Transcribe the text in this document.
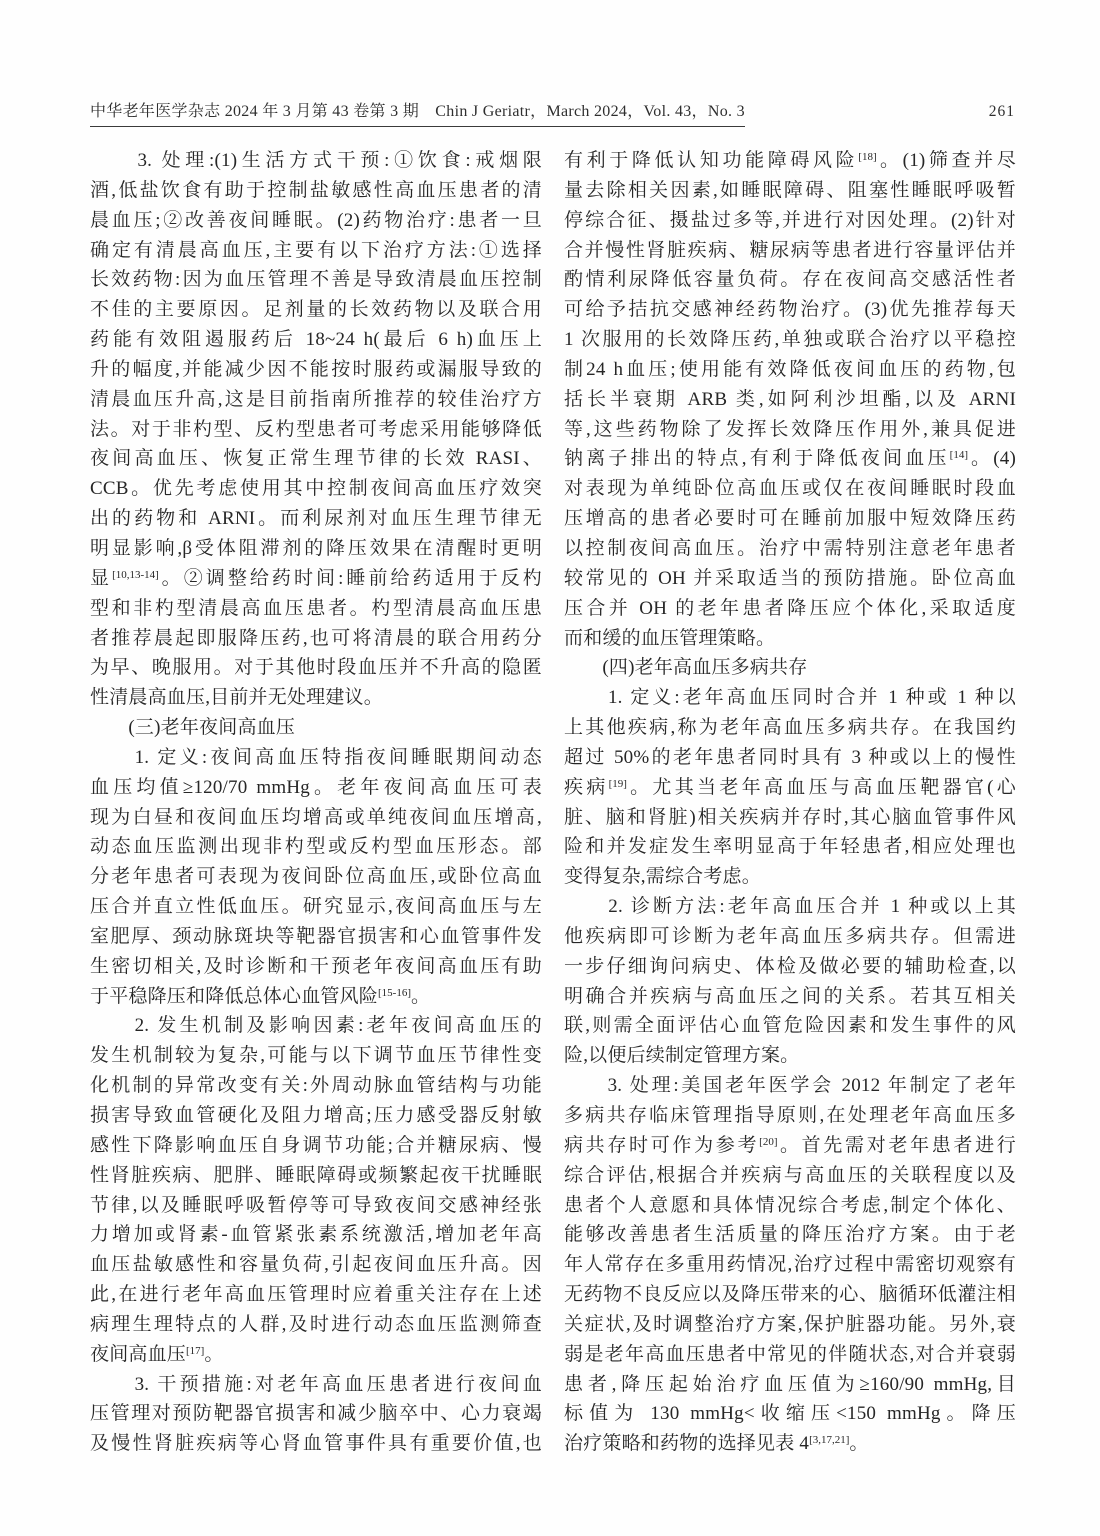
中华老年医学杂志 2024 年 3 月第 43 卷第 3 期　Chin J Geriatr，March 2024，Vol. 43，No. 3	261
　　3. 处理:(1)生活方式干预:①饮食:戒烟限
酒,低盐饮食有助于控制盐敏感性高血压患者的清
晨血压;②改善夜间睡眠。(2)药物治疗:患者一旦
确定有清晨高血压,主要有以下治疗方法:①选择
长效药物:因为血压管理不善是导致清晨血压控制
不佳的主要原因。足剂量的长效药物以及联合用
药能有效阻遏服药后 18~24 h(最后 6 h)血压上
升的幅度,并能减少因不能按时服药或漏服导致的
清晨血压升高,这是目前指南所推荐的较佳治疗方
法。对于非杓型、反杓型患者可考虑采用能够降低
夜间高血压、恢复正常生理节律的长效 RASI、
CCB。优先考虑使用其中控制夜间高血压疗效突
出的药物和 ARNI。而利尿剂对血压生理节律无
明显影响,β受体阻滞剂的降压效果在清醒时更明
显[10,13-14]。②调整给药时间:睡前给药适用于反杓
型和非杓型清晨高血压患者。杓型清晨高血压患
者推荐晨起即服降压药,也可将清晨的联合用药分
为早、晚服用。对于其他时段血压并不升高的隐匿
性清晨高血压,目前并无处理建议。
　　(三)老年夜间高血压
　　1. 定义:夜间高血压特指夜间睡眠期间动态
血压均值≥120/70 mmHg。老年夜间高血压可表
现为白昼和夜间血压均增高或单纯夜间血压增高,
动态血压监测出现非杓型或反杓型血压形态。部
分老年患者可表现为夜间卧位高血压,或卧位高血
压合并直立性低血压。研究显示,夜间高血压与左
室肥厚、颈动脉斑块等靶器官损害和心血管事件发
生密切相关,及时诊断和干预老年夜间高血压有助
于平稳降压和降低总体心血管风险[15-16]。
　　2. 发生机制及影响因素:老年夜间高血压的
发生机制较为复杂,可能与以下调节血压节律性变
化机制的异常改变有关:外周动脉血管结构与功能
损害导致血管硬化及阻力增高;压力感受器反射敏
感性下降影响血压自身调节功能;合并糖尿病、慢
性肾脏疾病、肥胖、睡眠障碍或频繁起夜干扰睡眠
节律,以及睡眠呼吸暂停等可导致夜间交感神经张
力增加或肾素-血管紧张素系统激活,增加老年高
血压盐敏感性和容量负荷,引起夜间血压升高。因
此,在进行老年高血压管理时应着重关注存在上述
病理生理特点的人群,及时进行动态血压监测筛查
夜间高血压[17]。
　　3. 干预措施:对老年高血压患者进行夜间血
压管理对预防靶器官损害和减少脑卒中、心力衰竭
及慢性肾脏疾病等心肾血管事件具有重要价值,也
有利于降低认知功能障碍风险[18]。(1)筛查并尽
量去除相关因素,如睡眠障碍、阻塞性睡眠呼吸暂
停综合征、摄盐过多等,并进行对因处理。(2)针对
合并慢性肾脏疾病、糖尿病等患者进行容量评估并
酌情利尿降低容量负荷。存在夜间高交感活性者
可给予拮抗交感神经药物治疗。(3)优先推荐每天
1 次服用的长效降压药,单独或联合治疗以平稳控
制24 h血压;使用能有效降低夜间血压的药物,包
括长半衰期 ARB 类,如阿利沙坦酯,以及 ARNI
等,这些药物除了发挥长效降压作用外,兼具促进
钠离子排出的特点,有利于降低夜间血压[14]。(4)
对表现为单纯卧位高血压或仅在夜间睡眠时段血
压增高的患者必要时可在睡前加服中短效降压药
以控制夜间高血压。治疗中需特别注意老年患者
较常见的 OH 并采取适当的预防措施。卧位高血
压合并 OH 的老年患者降压应个体化,采取适度
而和缓的血压管理策略。
　　(四)老年高血压多病共存
　　1. 定义:老年高血压同时合并 1 种或 1 种以
上其他疾病,称为老年高血压多病共存。在我国约
超过 50%的老年患者同时具有 3 种或以上的慢性
疾病[19]。尤其当老年高血压与高血压靶器官(心
脏、脑和肾脏)相关疾病并存时,其心脑血管事件风
险和并发症发生率明显高于年轻患者,相应处理也
变得复杂,需综合考虑。
　　2. 诊断方法:老年高血压合并 1 种或以上其
他疾病即可诊断为老年高血压多病共存。但需进
一步仔细询问病史、体检及做必要的辅助检查,以
明确合并疾病与高血压之间的关系。若其互相关
联,则需全面评估心血管危险因素和发生事件的风
险,以便后续制定管理方案。
　　3. 处理:美国老年医学会 2012 年制定了老年
多病共存临床管理指导原则,在处理老年高血压多
病共存时可作为参考[20]。首先需对老年患者进行
综合评估,根据合并疾病与高血压的关联程度以及
患者个人意愿和具体情况综合考虑,制定个体化、
能够改善患者生活质量的降压治疗方案。由于老
年人常存在多重用药情况,治疗过程中需密切观察有
无药物不良反应以及降压带来的心、脑循环低灌注相
关症状,及时调整治疗方案,保护脏器功能。另外,衰
弱是老年高血压患者中常见的伴随状态,对合并衰弱
患者,降压起始治疗血压值为≥160/90 mmHg,目
标值为 130 mmHg<收缩压<150 mmHg。降压
治疗策略和药物的选择见表 4[3,17,21]。
